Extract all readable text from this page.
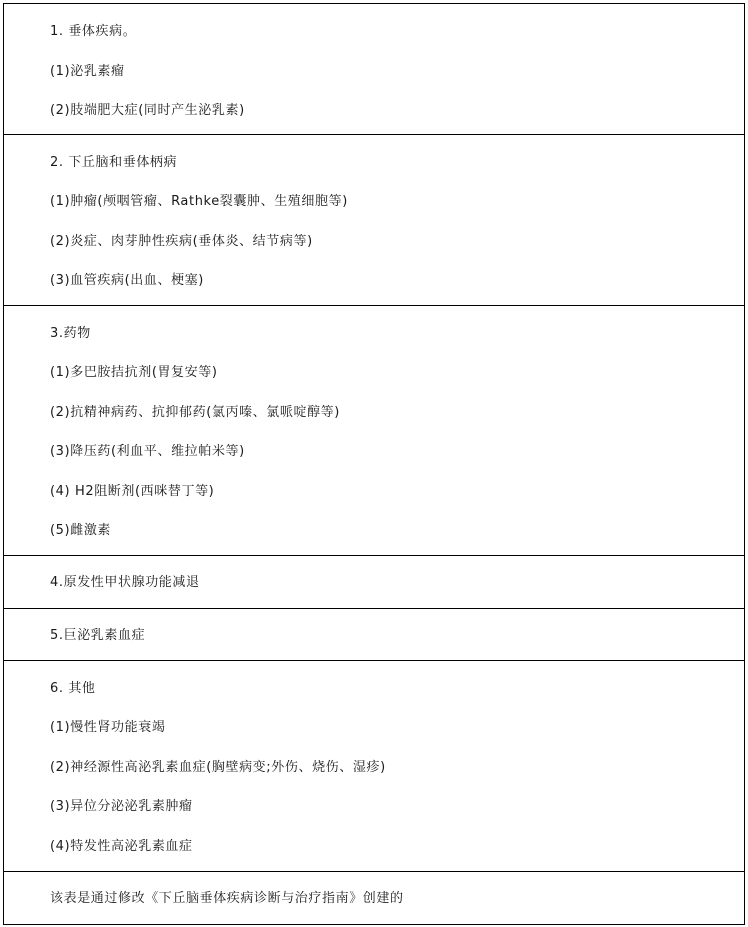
1. 垂体疾病。
(1)泌乳素瘤
(2)肢端肥大症(同时产生泌乳素)
2. 下丘脑和垂体柄病
(1)肿瘤(颅咽管瘤、Rathke裂囊肿、生殖细胞等)
(2)炎症、肉芽肿性疾病(垂体炎、结节病等)
(3)血管疾病(出血、梗塞)
3.药物
(1)多巴胺拮抗剂(胃复安等)
(2)抗精神病药、抗抑郁药(氯丙嗪、氯哌啶醇等)
(3)降压药(利血平、维拉帕米等)
(4) H2阻断剂(西咪替丁等)
(5)雌激素
4.原发性甲状腺功能减退
5.巨泌乳素血症
6. 其他
(1)慢性肾功能衰竭
(2)神经源性高泌乳素血症(胸壁病变;外伤、烧伤、湿疹)
(3)异位分泌泌乳素肿瘤
(4)特发性高泌乳素血症
该表是通过修改《下丘脑垂体疾病诊断与治疗指南》创建的
